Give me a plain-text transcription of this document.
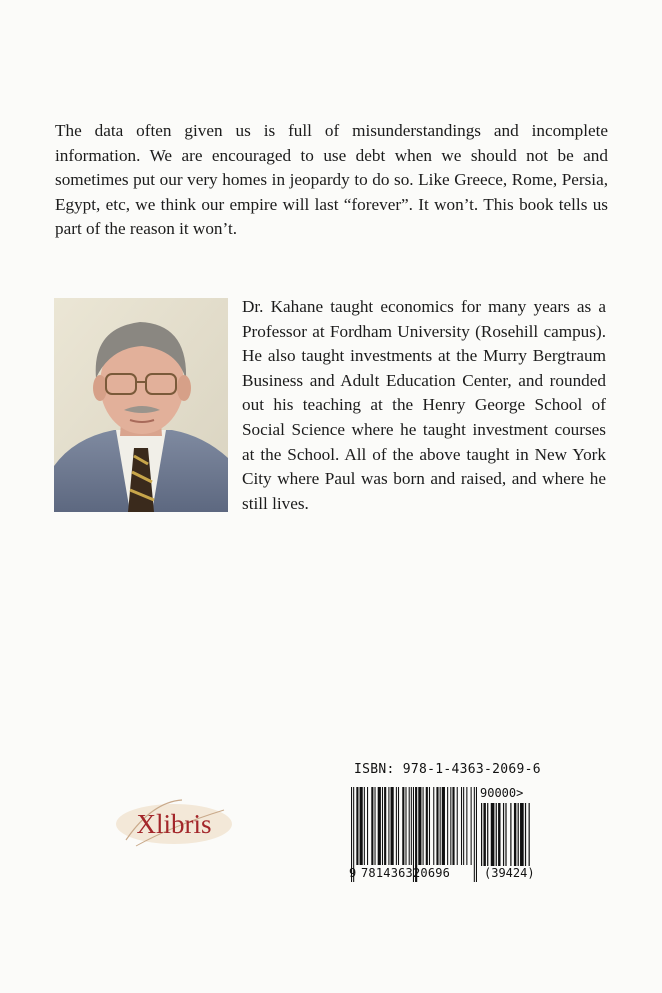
The data often given us is full of misunderstandings and incomplete information. We are encouraged to use debt when we should not be and sometimes put our very homes in jeopardy to do so. Like Greece, Rome, Persia, Egypt, etc, we think our empire will last “forever”. It won’t. This book tells us part of the reason it won’t.

Dr. Kahane taught economics for many years as a Professor at Fordham University (Rosehill campus). He also taught investments at the Murry Bergtraum Business and Adult Education Center, and rounded out his teaching at the Henry George School of Social Science where he taught investment courses at the School. All of the above taught in New York City where Paul was born and raised, and where he still lives.

Xlibris
ISBN: 978-1-4363-2069-6
90000>
9 781436320696	(39424)
